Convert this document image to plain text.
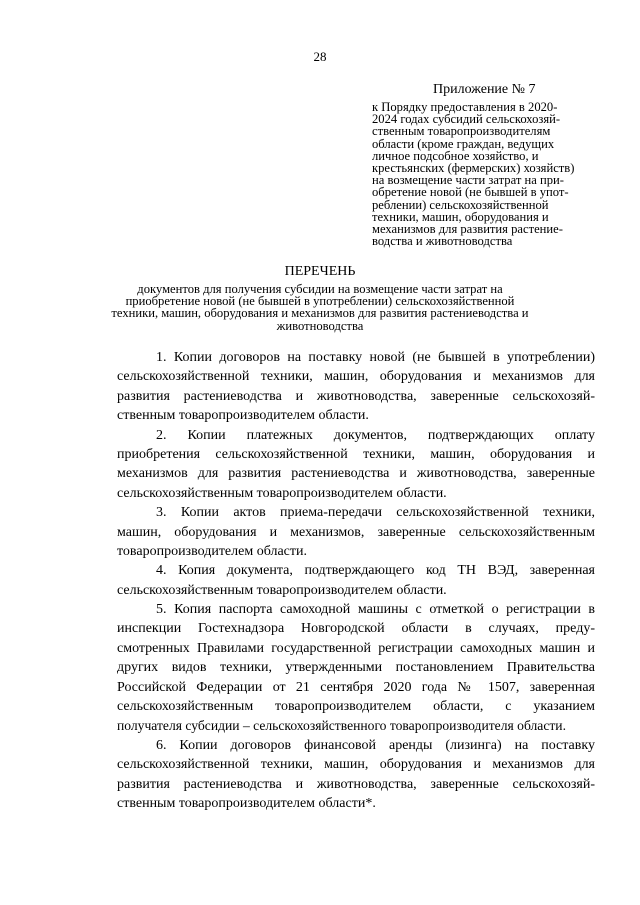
28
Приложение № 7
к Порядку предоставления в 2020-
2024 годах субсидий сельскохозяй-
ственным товаропроизводителям
области (кроме граждан, ведущих
личное подсобное хозяйство, и
крестьянских (фермерских) хозяйств)
на возмещение части затрат на при-
обретение новой (не бывшей в упот-
реблении) сельскохозяйственной
техники, машин, оборудования и
механизмов для развития растение-
водства и животноводства
ПЕРЕЧЕНЬ
документов для получения субсидии на возмещение части затрат на
приобретение новой (не бывшей в употреблении) сельскохозяйственной
техники, машин, оборудования и механизмов для развития растениеводства и
животноводства
1. Копии договоров на поставку новой (не бывшей в употреблении)
сельскохозяйственной техники, машин, оборудования и механизмов для
развития растениеводства и животноводства, заверенные сельскохозяй-
ственным товаропроизводителем области.
2. Копии платежных документов, подтверждающих оплату
приобретения сельскохозяйственной техники, машин, оборудования и
механизмов для развития растениеводства и животноводства, заверенные
сельскохозяйственным товаропроизводителем области.
3. Копии актов приема-передачи сельскохозяйственной техники,
машин, оборудования и механизмов, заверенные сельскохозяйственным
товаропроизводителем области.
4. Копия документа, подтверждающего код ТН ВЭД, заверенная
сельскохозяйственным товаропроизводителем области.
5. Копия паспорта самоходной машины с отметкой о регистрации в
инспекции Гостехнадзора Новгородской области в случаях, преду-
смотренных Правилами государственной регистрации самоходных машин и
других видов техники, утвержденными постановлением Правительства
Российской Федерации от 21 сентября 2020 года № 1507, заверенная
сельскохозяйственным товаропроизводителем области, с указанием
получателя субсидии – сельскохозяйственного товаропроизводителя области.
6. Копии договоров финансовой аренды (лизинга) на поставку
сельскохозяйственной техники, машин, оборудования и механизмов для
развития растениеводства и животноводства, заверенные сельскохозяй-
ственным товаропроизводителем области*.
